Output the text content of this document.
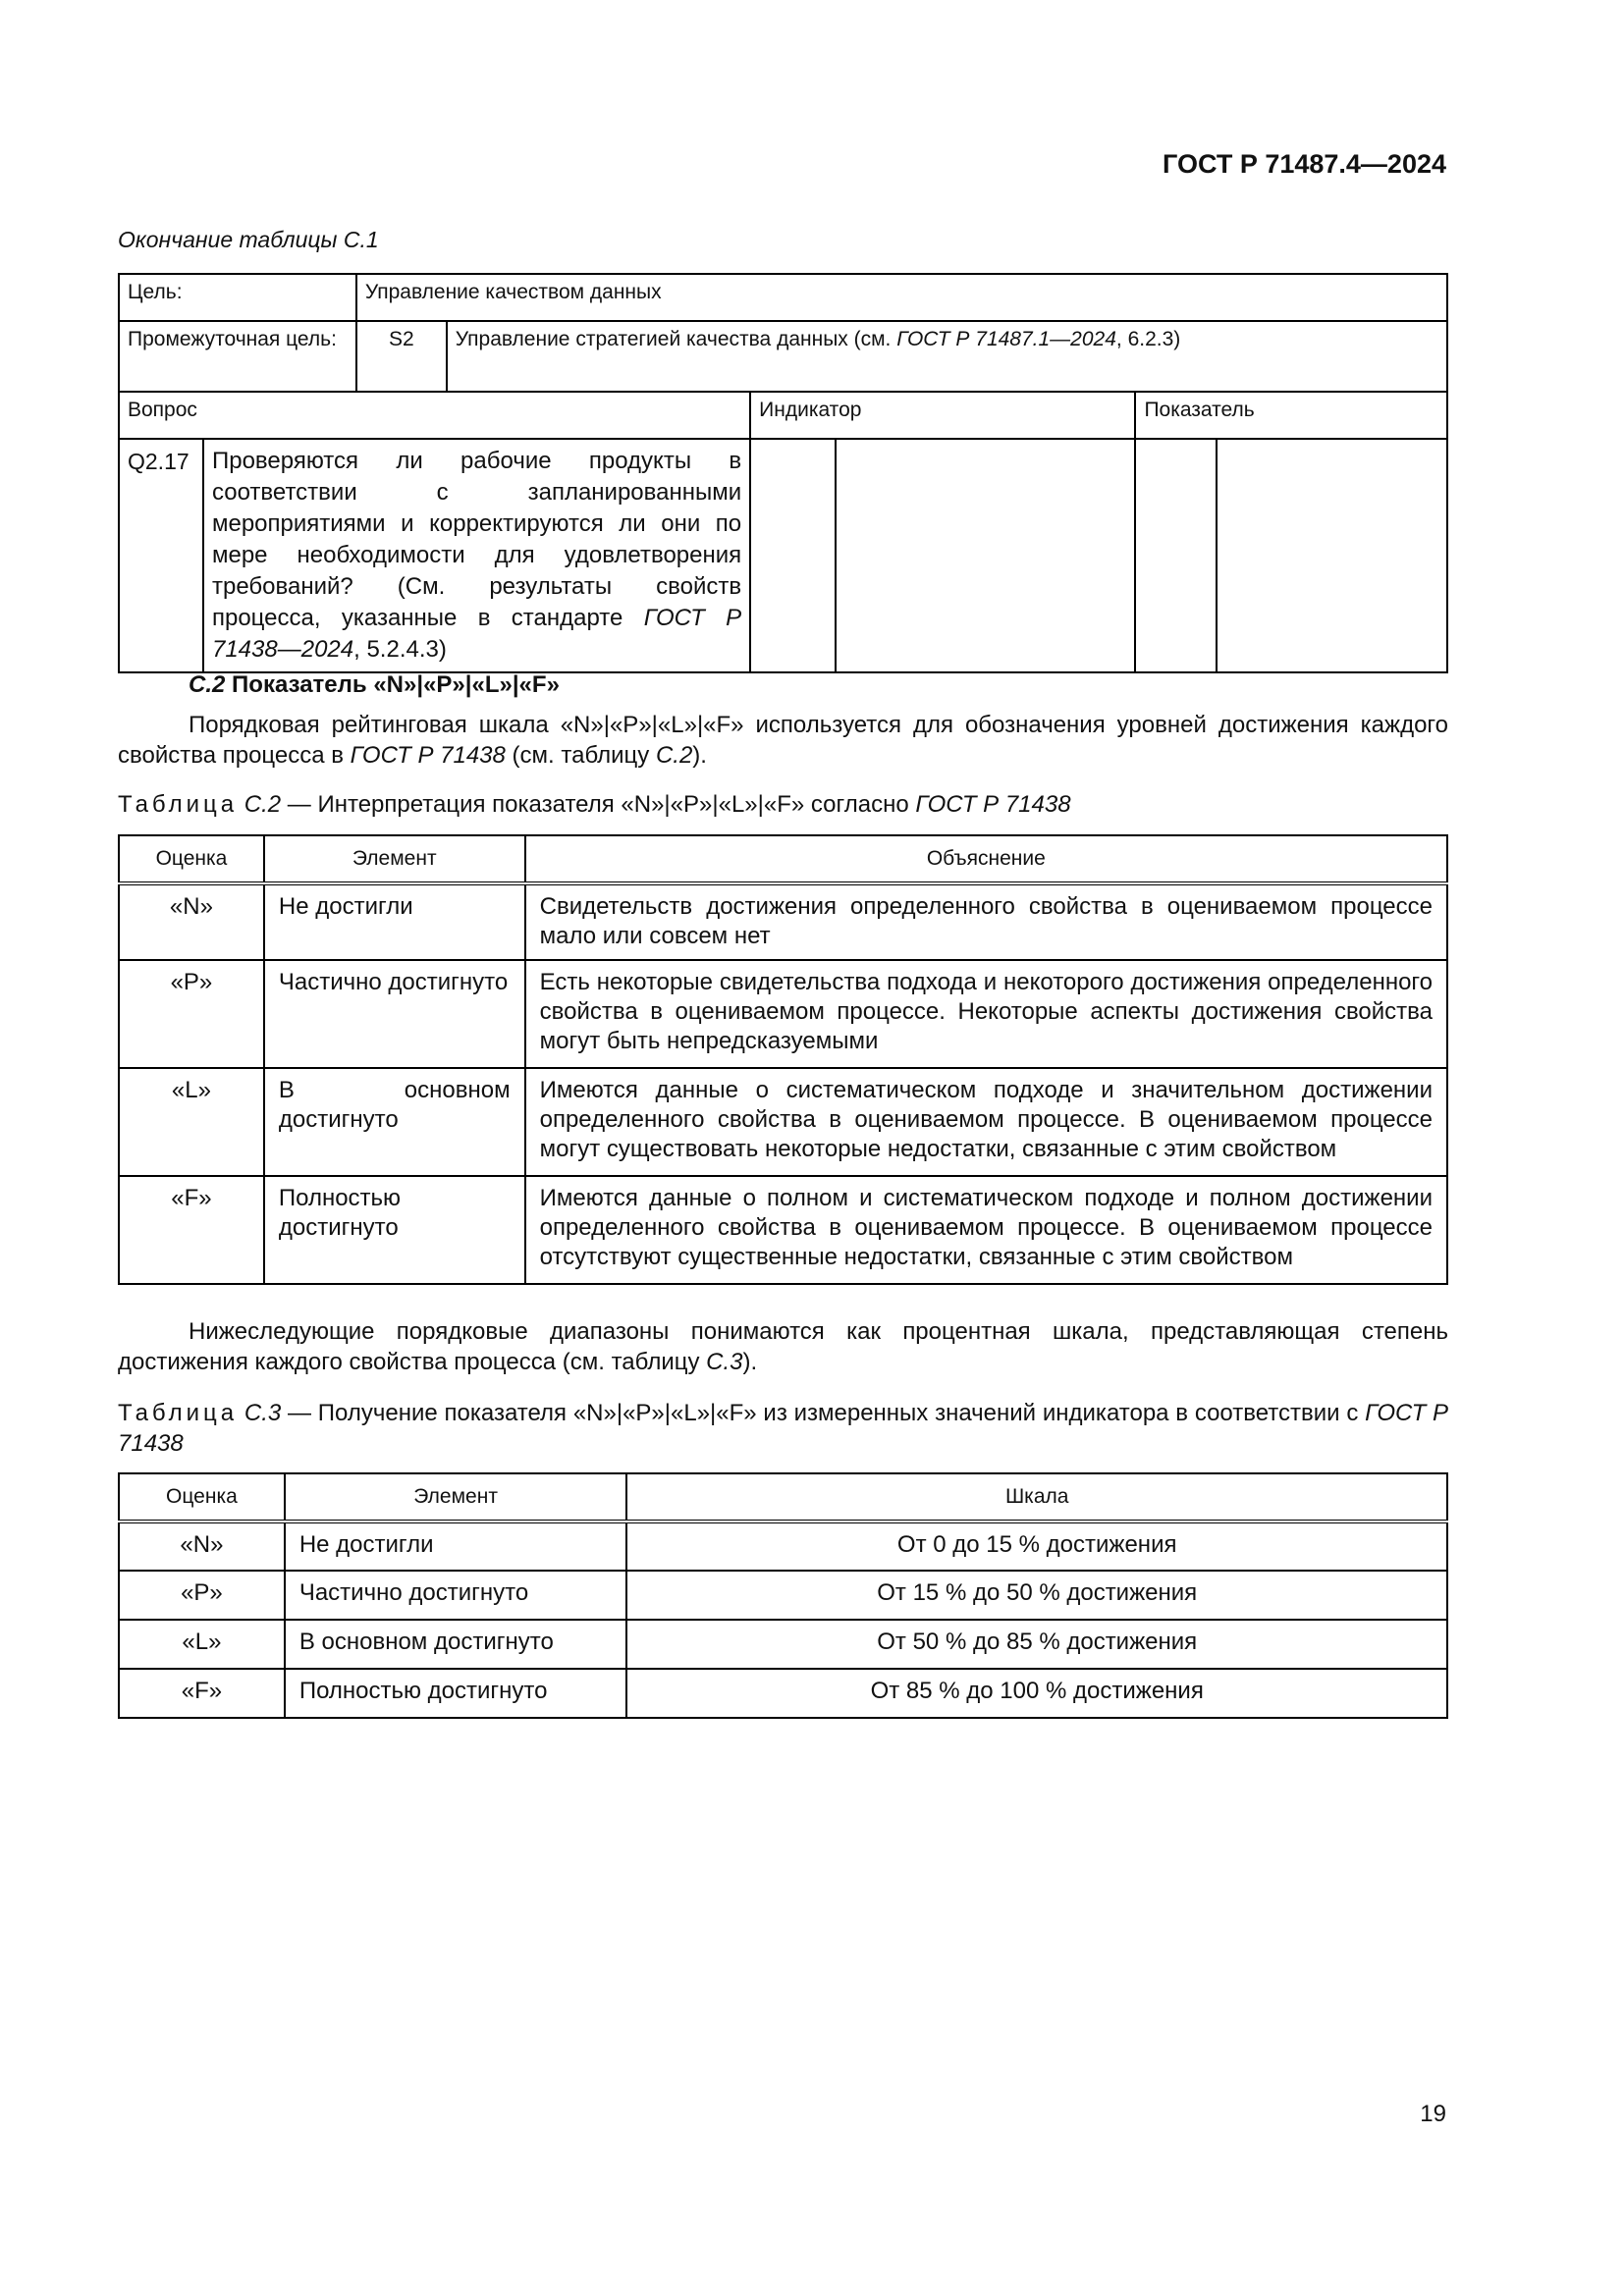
ГОСТ Р 71487.4—2024
Окончание таблицы С.1
Цель:		Управление качеством данных					
Промежуточная цель:		S2	Управление стратегией качества данных (см. ГОСТ Р 71487.1—2024, 6.2.3)				
Вопрос				Индикатор		Показатель	
Q2.17	Проверяются ли рабочие продукты в соответствии с запланированными мероприятиями и корректируются ли они по мере необходимости для удовлетворения требований? (См. результаты свойств процесса, указанные в стандарте ГОСТ Р 71438—2024, 5.2.4.3)						
С.2 Показатель «N»|«P»|«L»|«F»

Порядковая рейтинговая шкала «N»|«P»|«L»|«F» используется для обозначения уровней достижения каждого свойства процесса в ГОСТ Р 71438 (см. таблицу С.2).

Таблица С.2 — Интерпретация показателя «N»|«P»|«L»|«F» согласно ГОСТ Р 71438
Оценка	Элемент	Объяснение
«N»	Не достигли	Свидетельств достижения определенного свойства в оцениваемом процессе мало или совсем нет
«P»	Частично достигнуто	Есть некоторые свидетельства подхода и некоторого достижения определенного свойства в оцениваемом процессе. Некоторые аспекты достижения свойства могут быть непредсказуемыми
«L»	В основном достигнуто	Имеются данные о систематическом подходе и значительном достижении определенного свойства в оцениваемом процессе. В оцениваемом процессе могут существовать некоторые недостатки, связанные с этим свойством
«F»	Полностью достигнуто	Имеются данные о полном и систематическом подходе и полном достижении определенного свойства в оцениваемом процессе. В оцениваемом процессе отсутствуют существенные недостатки, связанные с этим свойством

Нижеследующие порядковые диапазоны понимаются как процентная шкала, представляющая степень достижения каждого свойства процесса (см. таблицу С.3).

Таблица С.3 — Получение показателя «N»|«P»|«L»|«F» из измеренных значений индикатора в соответствии с ГОСТ Р 71438

Оценка	Элемент	Шкала
«N»	Не достигли	От 0 до 15 % достижения
«P»	Частично достигнуто	От 15 % до 50 % достижения
«L»	В основном достигнуто	От 50 % до 85 % достижения
«F»	Полностью достигнуто	От 85 % до 100 % достижения
19
